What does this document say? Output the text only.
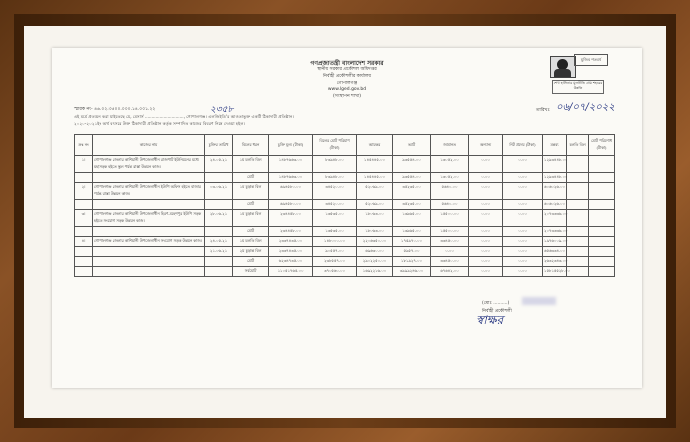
গণপ্রজাতন্ত্রী বাংলাদেশ সরকার
স্থানীয় সরকার প্রকৌশল অধিদপ্তর
নির্বাহী প্রকৌশলীর কার্যালয়
গোপালগঞ্জ
www.lged.gov.bd
(সংস্থাপন শাখা)
মুজিব শতবর্ষ
শেখ হাসিনার মূলনীতি গ্রাম শহরের উন্নতি
স্মারক নং- ৪৬.০২.৩৫০০.০০০.১৪.০০১.২২	২৩৫৮	তারিখঃ ০৬/০৭/২০২২
এই মর্মে প্রত্যয়ন করা যাইতেছে যে, মেসার্স ............................., গোপালগঞ্জ। এলজিইডি'র আওতাভুক্ত একটি ঠিকাদারী প্রতিষ্ঠান।
২০২০-২০২১ইং অর্থ বৎসরে উক্ত ঠিকাদারী প্রতিষ্ঠান কর্তৃক সম্পাদিত কাজের বিবরণ নিম্নে দেওয়া হইল।
ক্রঃ নং	কাজের নাম	চুক্তির তারিখ	বিলের ধরন	চুক্তি মূল্য (টাকা)	বিলের মোট পরিমাণ (টাকা)	আয়কর	ভ্যাট	জামানত	অন্যান্য	নিট প্রদেয় (টাকা)	মন্তব্য	চলতি বিল	মোট পরিশোধ (টাকা)
১।	গোপালগঞ্জ জেলার কাশিয়ানী উপজেলাধীন রাজপাট ইউনিয়নের মধ্যে মহাসড়ক হইতে স্কুল পর্যন্ত রাস্তা উন্নয়ন কাজ।	২৪.০৫.২১	১ম চলতি বিল	১৪৮৭৬৬৩.০০	৮৩৯৪৮.০০	১৪৫৪৪৫.০০	৯৩৫৫৪.০০	১৩০৫২.০০	০.০০	০.০০	১২৯৩৪৪৮.০০		
			মোট	১৪৮৭৬৬৩.০০	৮৩৯৪৮.০০	১৪৫৪৪৫.০০	৯৩৫৫৪.০০	১৩০৫২.০০	০.০০	০.০০	১২৯৩৪৪৮.০০		
২।	গোপালগঞ্জ জেলার কাশিয়ানী উপজেলাধীন ইউপি অফিস হইতে বাজার পর্যন্ত রাস্তা উন্নয়ন কাজ।	০৩.০৬.২১	১ম চূড়ান্ত বিল	৬৯৪৫৮০.০০	৩৪৫২০.০০	৫২০৬৯.০০	৩৫২৩৫.০০	৫৬৪০.০০	০.০০	০.০০	৬০৬০২৬.০০		
			মোট	৬৯৪৫৮০.০০	৩৪৫২০.০০	৫২০৬৯.০০	৩৫২৩৫.০০	৫৬৪০.০০	০.০০	০.০০	৬০৬০২৬.০০		
৩।	গোপালগঞ্জ জেলার কাশিয়ানী উপজেলাধীন হিরণ-মহেশপুর ইউপি সড়ক হইতে সংযোগ সড়ক উন্নয়ন কাজ।	২৮.০৬.২১	১ম চূড়ান্ত বিল	২৩৪৪৫৮.০০	১৩৫৩৫.০০	১৮০৬৩.০০	১৩৯৬৫.০০	১৫৫০০.০০	০.০০	০.০০	২০৭৩৩৩৬.০০		
			মোট	২৩৪৪৫৮.০০	১৩৫৩৫.০০	১৮০৬৩.০০	১৩৯৬৫.০০	১৫৫০০.০০	০.০০	০.০০	২০৭৩৩৩৬.০০		
৪।	গোপালগঞ্জ জেলার কাশিয়ানী উপজেলাধীন সংযোগ সড়ক উন্নয়ন কাজ।	২৪.০৫.২১	১ম চলতি বিল	২৩৩৭৪৩৫.০০	১৪৮০০০.০০	২২০৬৩৫০.০০	১৭৫৯৭০.০০	৩৩৪৫০.০০	০.০০	০.০০	১৯৭৬০০৯.০০		
		২১.০৬.২১	২য় চূড়ান্ত বিল	২৩৩৭৪৩৫.০০	৯০৫৫৭.০০	৬৯৬৩০.০০	৫৯৫৭.০০	০.০০	০.০০	০.০০	৬৫৬৩৩৪.০০		
			মোট	৬২৩৪৭৩৫.০০	২৩৮৫৫৭.০০	২৯০২২৫০.০০	১৮১৯২৭.০০	৩৩৪৫০.০০	০.০০	০.০০	২৬৩২৩৪৩.০০		
			সর্বমোট	১১০৫১৭৬৫.০০	৩৭০৫৬০.০০	১৬৯২২১৬.০০	৩৯৯৯২৪৬.০০	৬৭৬৪২.০০	০.০০	০.০০	১৫৮১৫৫২৮.০০		
(মোঃ ..........)
নির্বাহী প্রকৌশলী
স্বাক্ষর
